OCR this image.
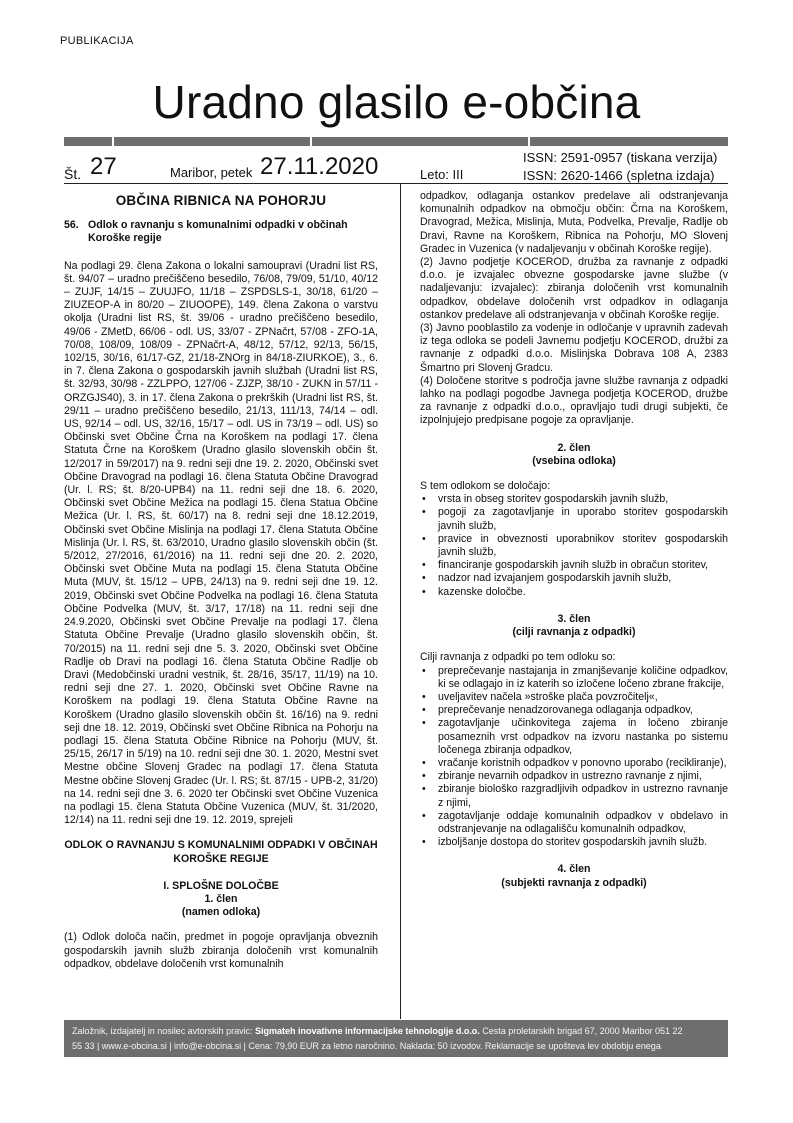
PUBLIKACIJA
Uradno glasilo e-občina
Št. 27	Maribor, petek 27.11.2020	Leto: III
ISSN: 2591-0957 (tiskana verzija)
ISSN: 2620-1466 (spletna izdaja)
OBČINA RIBNICA NA POHORJU
56. Odlok o ravnanju s komunalnimi odpadki v občinah Koroške regije

Na podlagi 29. člena Zakona o lokalni samoupravi (Uradni list RS, št. 94/07 – uradno prečiščeno besedilo, 76/08, 79/09, 51/10, 40/12 – ZUJF, 14/15 – ZUUJFO, 11/18 – ZSPDSLS-1, 30/18, 61/20 – ZIUZEOP-A in 80/20 – ZIUOOPE), 149. člena Zakona o varstvu okolja (Uradni list RS, št. 39/06 - uradno prečiščeno besedilo, 49/06 - ZMetD, 66/06 - odl. US, 33/07 - ZPNačrt, 57/08 - ZFO-1A, 70/08, 108/09, 108/09 - ZPNačrt-A, 48/12, 57/12, 92/13, 56/15, 102/15, 30/16, 61/17-GZ, 21/18-ZNOrg in 84/18-ZIURKOE), 3., 6. in 7. člena Zakona o gospodarskih javnih službah (Uradni list RS, št. 32/93, 30/98 - ZZLPPO, 127/06 - ZJZP, 38/10 - ZUKN in 57/11 - ORZGJS40), 3. in 17. člena Zakona o prekrških (Uradni list RS, št. 29/11 – uradno prečiščeno besedilo, 21/13, 111/13, 74/14 – odl. US, 92/14 – odl. US, 32/16, 15/17 – odl. US in 73/19 – odl. US) so Občinski svet Občine Črna na Koroškem na podlagi 17. člena Statuta Črne na Koroškem (Uradno glasilo slovenskih občin št. 12/2017 in 59/2017) na 9. redni seji dne 19. 2. 2020, Občinski svet Občine Dravograd na podlagi 16. člena Statuta Občine Dravograd (Ur. l. RS; št. 8/20-UPB4) na 11. redni seji dne 18. 6. 2020, Občinski svet Občine Mežica na podlagi 15. člena Statua Občine Mežica (Ur. l. RS, št. 60/17) na 8. redni seji dne 18.12.2019, Občinski svet Občine Mislinja na podlagi 17. člena Statuta Občine Mislinja (Ur. l. RS, št. 63/2010, Uradno glasilo slovenskih občin (št. 5/2012, 27/2016, 61/2016) na 11. redni seji dne 20. 2. 2020, Občinski svet Občine Muta na podlagi 15. člena Statuta Občine Muta (MUV, št. 15/12 – UPB, 24/13) na 9. redni seji dne 19. 12. 2019, Občinski svet Občine Podvelka na podlagi 16. člena Statuta Občine Podvelka (MUV, št. 3/17, 17/18) na 11. redni seji dne 24.9.2020, Občinski svet Občine Prevalje na podlagi 17. člena Statuta Občine Prevalje (Uradno glasilo slovenskih občin, št. 70/2015) na 11. redni seji dne 5. 3. 2020, Občinski svet Občine Radlje ob Dravi na podlagi 16. člena Statuta Občine Radlje ob Dravi (Medobčinski uradni vestnik, št. 28/16, 35/17, 11/19) na 10. redni seji dne 27. 1. 2020, Občinski svet Občine Ravne na Koroškem na podlagi 19. člena Statuta Občine Ravne na Koroškem (Uradno glasilo slovenskih občin št. 16/16) na 9. redni seji dne 18. 12. 2019, Občinski svet Občine Ribnica na Pohorju na podlagi 15. člena Statuta Občine Ribnice na Pohorju (MUV, št. 25/15, 26/17 in 5/19) na 10. redni seji dne 30. 1. 2020, Mestni svet Mestne občine Slovenj Gradec na podlagi 17. člena Statuta Mestne občine Slovenj Gradec (Ur. l. RS; št. 87/15 - UPB-2, 31/20) na 14. redni seji dne 3. 6. 2020 ter Občinski svet Občine Vuzenica na podlagi 15. člena Statuta Občine Vuzenica (MUV, št. 31/2020, 12/14) na 11. redni seji dne 19. 12. 2019, sprejeli

ODLOK O RAVNANJU S KOMUNALNIMI ODPADKI V OBČINAH KOROŠKE REGIJE
I. SPLOŠNE DOLOČBE
1. člen
(namen odloka)

(1) Odlok določa način, predmet in pogoje opravljanja obveznih gospodarskih javnih služb zbiranja določenih vrst komunalnih odpadkov, obdelave določenih vrst komunalnih

odpadkov, odlaganja ostankov predelave ali odstranjevanja komunalnih odpadkov na območju občin: Črna na Koroškem, Dravograd, Mežica, Mislinja, Muta, Podvelka, Prevalje, Radlje ob Dravi, Ravne na Koroškem, Ribnica na Pohorju, MO Slovenj Gradec in Vuzenica (v nadaljevanju v občinah Koroške regije).

(2) Javno podjetje KOCEROD, družba za ravnanje z odpadki d.o.o. je izvajalec obvezne gospodarske javne službe (v nadaljevanju: izvajalec): zbiranja določenih vrst komunalnih odpadkov, obdelave določenih vrst odpadkov in odlaganja ostankov predelave ali odstranjevanja v občinah Koroške regije.

(3) Javno pooblastilo za vodenje in odločanje v upravnih zadevah iz tega odloka se podeli Javnemu podjetju KOCEROD, družbi za ravnanje z odpadki d.o.o. Mislinjska Dobrava 108 A, 2383 Šmartno pri Slovenj Gradcu.

(4) Določene storitve s področja javne službe ravnanja z odpadki lahko na podlagi pogodbe Javnega podjetja KOCEROD, družbe za ravnanje z odpadki d.o.o., opravljajo tudi drugi subjekti, če izpolnjujejo predpisane pogoje za opravljanje.

2. člen
(vsebina odloka)

S tem odlokom se določajo:

• vrsta in obseg storitev gospodarskih javnih služb,
• pogoji za zagotavljanje in uporabo storitev gospodarskih javnih služb,
• pravice in obveznosti uporabnikov storitev gospodarskih javnih služb,
• financiranje gospodarskih javnih služb in obračun storitev,
• nadzor nad izvajanjem gospodarskih javnih služb,
• kazenske določbe.
3. člen
(cilji ravnanja z odpadki)

Cilji ravnanja z odpadki po tem odloku so:

• preprečevanje nastajanja in zmanjševanje količine odpadkov, ki se odlagajo in iz katerih so izločene ločeno zbrane frakcije,
• uveljavitev načela »stroške plača povzročitelj«,
• preprečevanje nenadzorovanega odlaganja odpadkov,
• zagotavljanje učinkovitega zajema in ločeno zbiranje posameznih vrst odpadkov na izvoru nastanka po sistemu ločenega zbiranja odpadkov,
• vračanje koristnih odpadkov v ponovno uporabo (recikliranje),
• zbiranje nevarnih odpadkov in ustrezno ravnanje z njimi,
• zbiranje biološko razgradljivih odpadkov in ustrezno ravnanje z njimi,
• zagotavljanje oddaje komunalnih odpadkov v obdelavo in odstranjevanje na odlagališču komunalnih odpadkov,
• izboljšanje dostopa do storitev gospodarskih javnih služb.
4. člen
(subjekti ravnanja z odpadki)
Založnik, izdajatelj in nosilec avtorskih pravic: Sigmateh inovativne informacijske tehnologije d.o.o. Cesta proletarskih brigad 67, 2000 Maribor 051 22
55 33 | www.e-obcina.si | info@e-obcina.si | Cena: 79,90 EUR za letno naročnino. Naklada: 50 izvodov. Reklamacije se upošteva lev obdobju enega
